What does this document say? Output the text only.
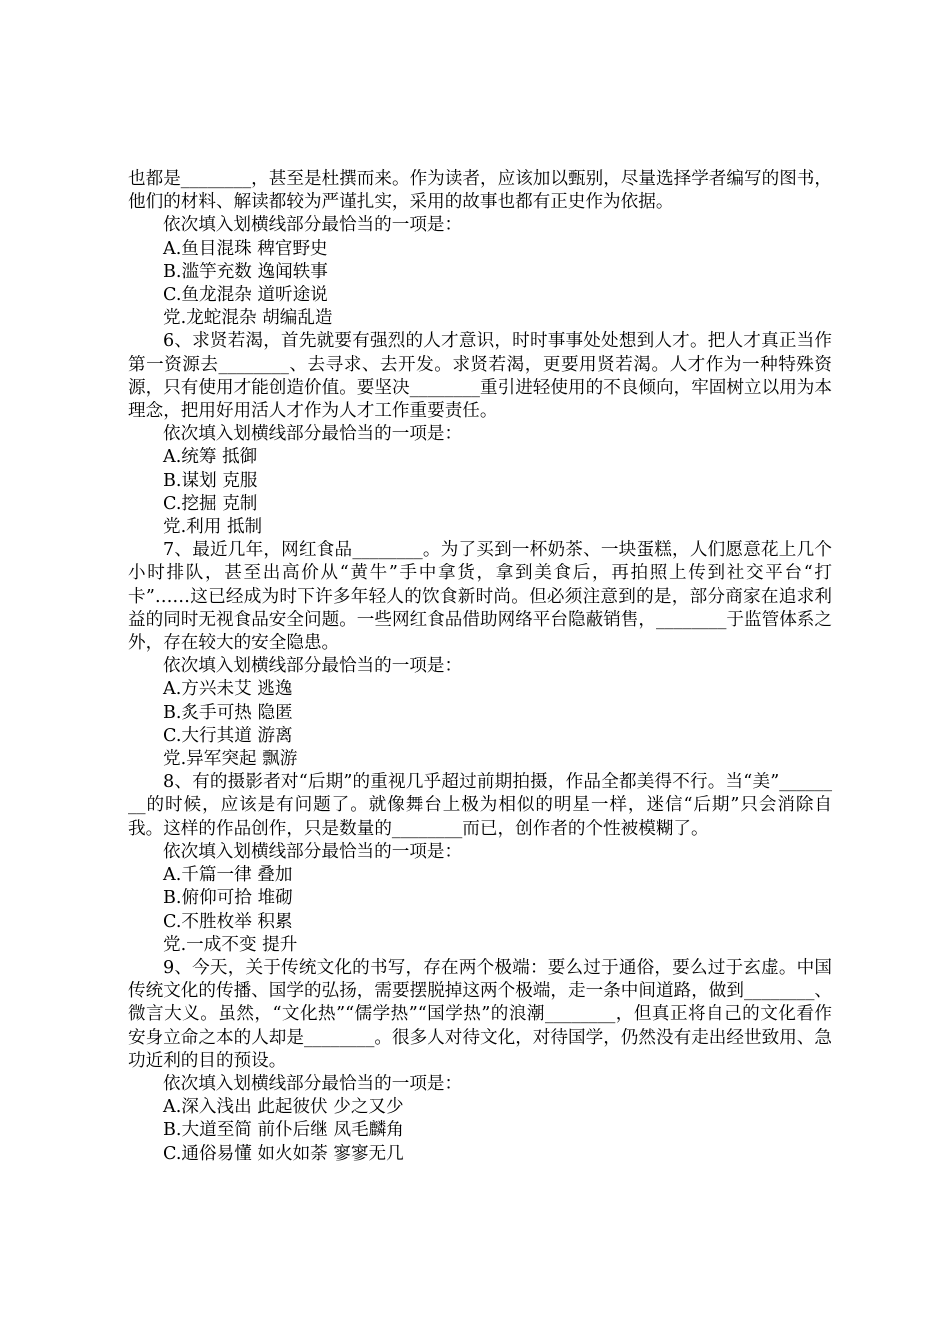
也都是________，甚至是杜撰而来。作为读者，应该加以甄别，尽量选择学者编写的图书，他们的材料、解读都较为严谨扎实，采用的故事也都有正史作为依据。

依次填入划横线部分最恰当的一项是：

A.鱼目混珠 稗官野史

B.滥竽充数 逸闻轶事

C.鱼龙混杂 道听途说

党.龙蛇混杂 胡编乱造

6、求贤若渴，首先就要有强烈的人才意识，时时事事处处想到人才。把人才真正当作第一资源去________、去寻求、去开发。求贤若渴，更要用贤若渴。人才作为一种特殊资源，只有使用才能创造价值。要坚决________重引进轻使用的不良倾向，牢固树立以用为本理念，把用好用活人才作为人才工作重要责任。

依次填入划横线部分最恰当的一项是：

A.统筹 抵御

B.谋划 克服

C.挖掘 克制

党.利用 抵制

7、最近几年，网红食品________。为了买到一杯奶茶、一块蛋糕，人们愿意花上几个小时排队，甚至出高价从“黄牛”手中拿货，拿到美食后，再拍照上传到社交平台“打卡”……这已经成为时下许多年轻人的饮食新时尚。但必须注意到的是，部分商家在追求利益的同时无视食品安全问题。一些网红食品借助网络平台隐蔽销售，________于监管体系之外，存在较大的安全隐患。

依次填入划横线部分最恰当的一项是：

A.方兴未艾 逃逸

B.炙手可热 隐匿

C.大行其道 游离

党.异军突起 飘游

8、有的摄影者对“后期”的重视几乎超过前期拍摄，作品全都美得不行。当“美”________的时候，应该是有问题了。就像舞台上极为相似的明星一样，迷信“后期”只会消除自我。这样的作品创作，只是数量的________而已，创作者的个性被模糊了。

依次填入划横线部分最恰当的一项是：

A.千篇一律 叠加

B.俯仰可拾 堆砌

C.不胜枚举 积累

党.一成不变 提升

9、今天，关于传统文化的书写，存在两个极端：要么过于通俗，要么过于玄虚。中国传统文化的传播、国学的弘扬，需要摆脱掉这两个极端，走一条中间道路，做到________、微言大义。虽然，“文化热”“儒学热”“国学热”的浪潮________，但真正将自己的文化看作安身立命之本的人却是________。很多人对待文化，对待国学，仍然没有走出经世致用、急功近利的目的预设。

依次填入划横线部分最恰当的一项是：

A.深入浅出 此起彼伏 少之又少

B.大道至简 前仆后继 凤毛麟角

C.通俗易懂 如火如荼 寥寥无几
